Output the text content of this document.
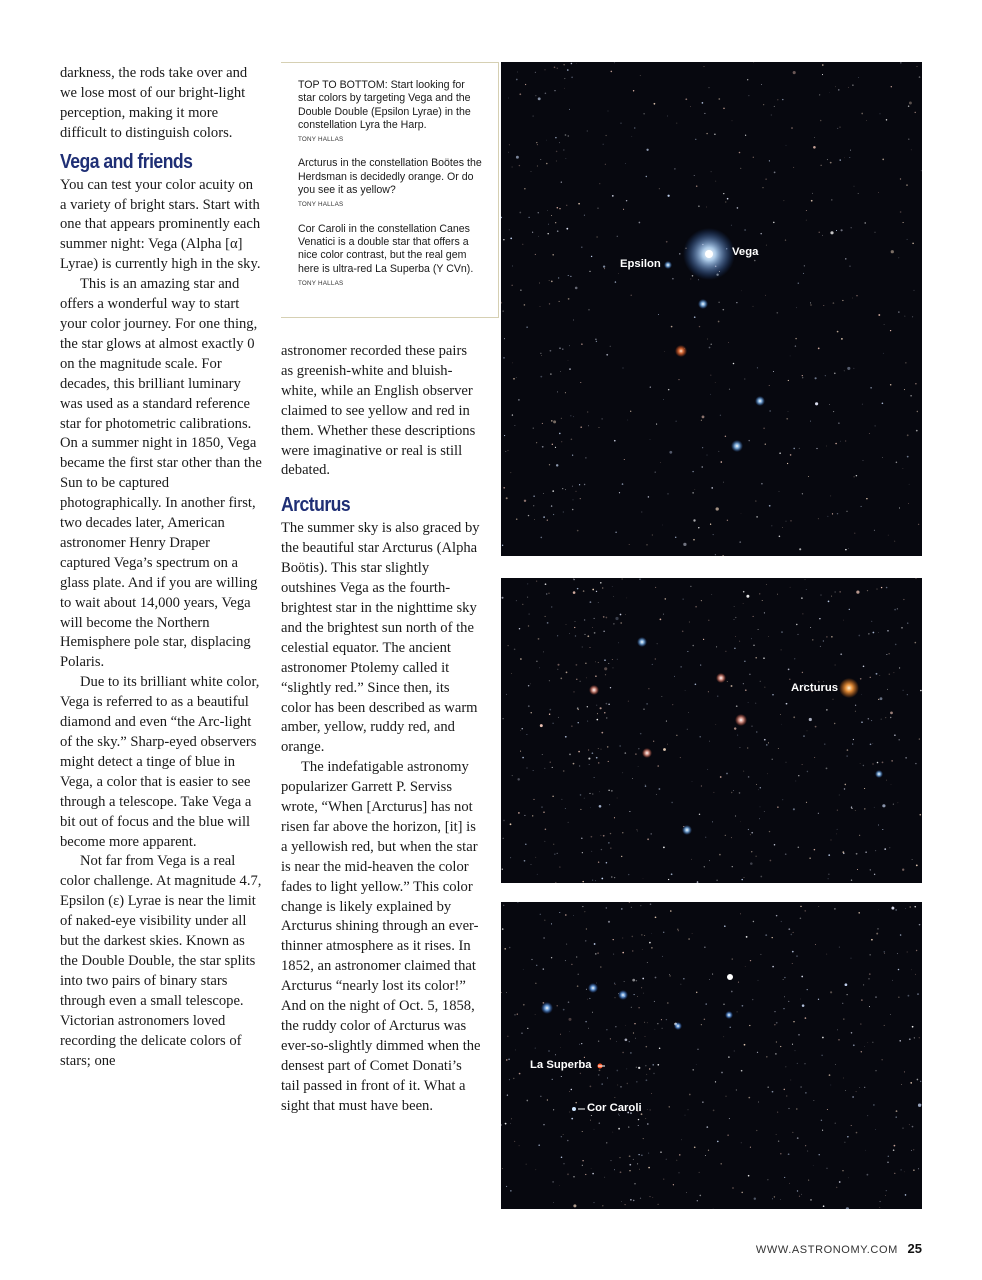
darkness, the rods take over and we lose most of our bright-light perception, making it more difficult to distinguish colors.

Vega and friends

You can test your color acuity on a variety of bright stars. Start with one that appears prominently each summer night: Vega (Alpha [α] Lyrae) is currently high in the sky.

This is an amazing star and offers a wonderful way to start your color journey. For one thing, the star glows at almost exactly 0 on the magnitude scale. For decades, this brilliant luminary was used as a standard reference star for photometric calibrations. On a summer night in 1850, Vega became the first star other than the Sun to be captured photographically. In another first, two decades later, American astronomer Henry Draper captured Vega’s spectrum on a glass plate. And if you are willing to wait about 14,000 years, Vega will become the Northern Hemisphere pole star, displacing Polaris.

Due to its brilliant white color, Vega is referred to as a beautiful diamond and even “the Arc-light of the sky.” Sharp-eyed observers might detect a tinge of blue in Vega, a color that is easier to see through a telescope. Take Vega a bit out of focus and the blue will become more apparent.

Not far from Vega is a real color challenge. At magnitude 4.7, Epsilon (ε) Lyrae is near the limit of naked-eye visibility under all but the darkest skies. Known as the Double Double, the star splits into two pairs of binary stars through even a small telescope. Victorian astronomers loved recording the delicate colors of stars; one

TOP TO BOTTOM: Start looking for star colors by targeting Vega and the Double Double (Epsilon Lyrae) in the constellation Lyra the Harp.
TONY HALLAS

Arcturus in the constellation Boötes the Herdsman is decidedly orange. Or do you see it as yellow?
TONY HALLAS

Cor Caroli in the constellation Canes Venatici is a double star that offers a nice color contrast, but the real gem here is ultra-red La Superba (Y CVn). TONY HALLAS

astronomer recorded these pairs as greenish-white and bluish-white, while an English observer claimed to see yellow and red in them. Whether these descriptions were imaginative or real is still debated.

Arcturus

The summer sky is also graced by the beautiful star Arcturus (Alpha Boötis). This star slightly outshines Vega as the fourth-brightest star in the nighttime sky and the brightest sun north of the celestial equator. The ancient astronomer Ptolemy called it “slightly red.” Since then, its color has been described as warm amber, yellow, ruddy red, and orange.

The indefatigable astronomy popularizer Garrett P. Serviss wrote, “When [Arcturus] has not risen far above the horizon, [it] is a yellowish red, but when the star is near the mid-heaven the color fades to light yellow.” This color change is likely explained by Arcturus shining through an ever-thinner atmosphere as it rises. In 1852, an astronomer claimed that Arcturus “nearly lost its color!” And on the night of Oct. 5, 1858, the ruddy color of Arcturus was ever-so-slightly dimmed when the densest part of Comet Donati’s tail passed in front of it. What a sight that must have been.

Epsilon
Vega
Arcturus
La Superba
Cor Caroli
WWW.ASTRONOMY.COM 25
